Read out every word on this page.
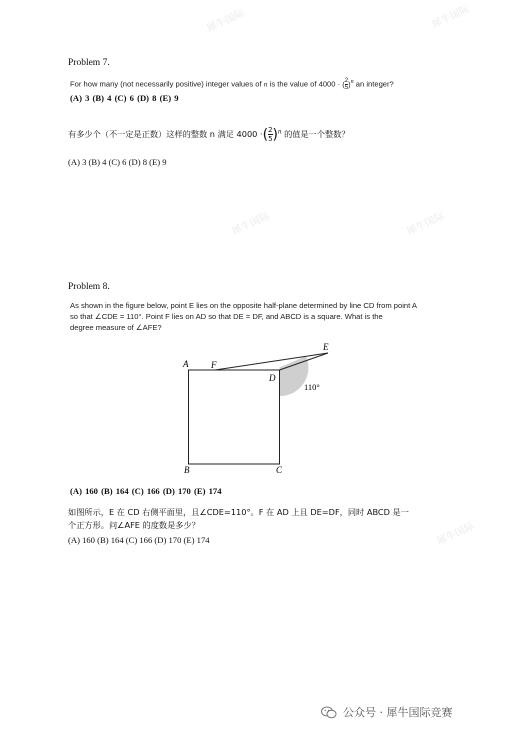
犀牛国际	犀牛国际
犀牛国际	犀牛国际
犀牛国际
Problem 7.
For how many (not necessarily positive) integer values of n is the value of 4000 · ( $\frac{2}{5} )^n$ an integer?
(A) 3 (B) 4 (C) 6 (D) 8 (E) 9
有多少个（不一定是正数）这样的整数 n 满足 4000 ·( $\frac{2}{5} )^n$ 的值是一个整数？
(A) 3 (B) 4 (C) 6 (D) 8 (E) 9
Problem 8.
As shown in the figure below, point E lies on the opposite half-plane determined by line CD from point A
so that ∠CDE = 110°. Point F lies on AD so that DE = DF, and ABCD is a square. What is the
degree measure of ∠AFE?
A	F
D
E
B	C
110°
(A) 160 (B) 164 (C) 166 (D) 170 (E) 174
如图所示，E 在 CD 右侧平面里，且∠CDE=110°。F 在 AD 上且 DE=DF，同时 ABCD 是一
个正方形。问∠AFE 的度数是多少？
(A) 160 (B) 164 (C) 166 (D) 170 (E) 174
公众号 · 犀牛国际竞赛
